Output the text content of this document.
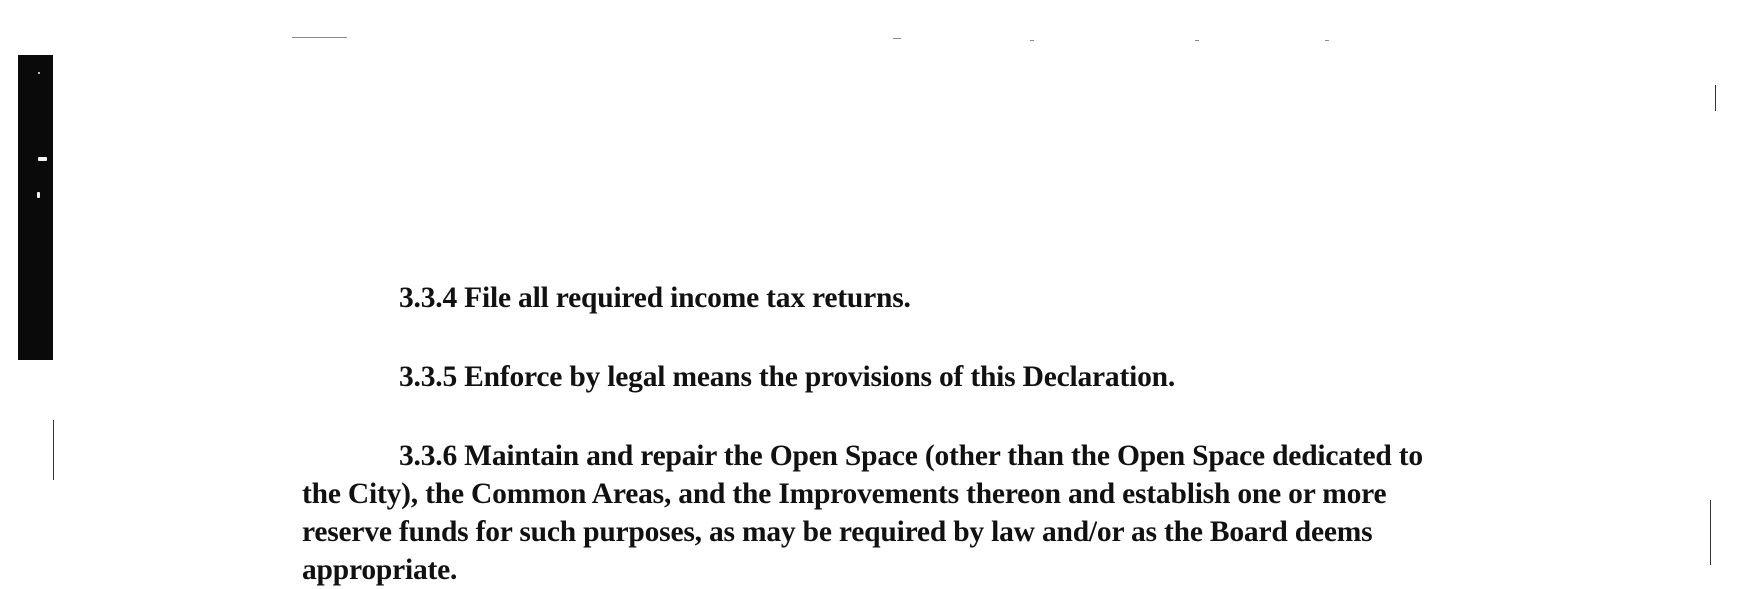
3.3.4 File all required income tax returns.
3.3.5 Enforce by legal means the provisions of this Declaration.
3.3.6 Maintain and repair the Open Space (other than the Open Space dedicated to
the City), the Common Areas, and the Improvements thereon and establish one or more
reserve funds for such purposes, as may be required by law and/or as the Board deems
appropriate.
